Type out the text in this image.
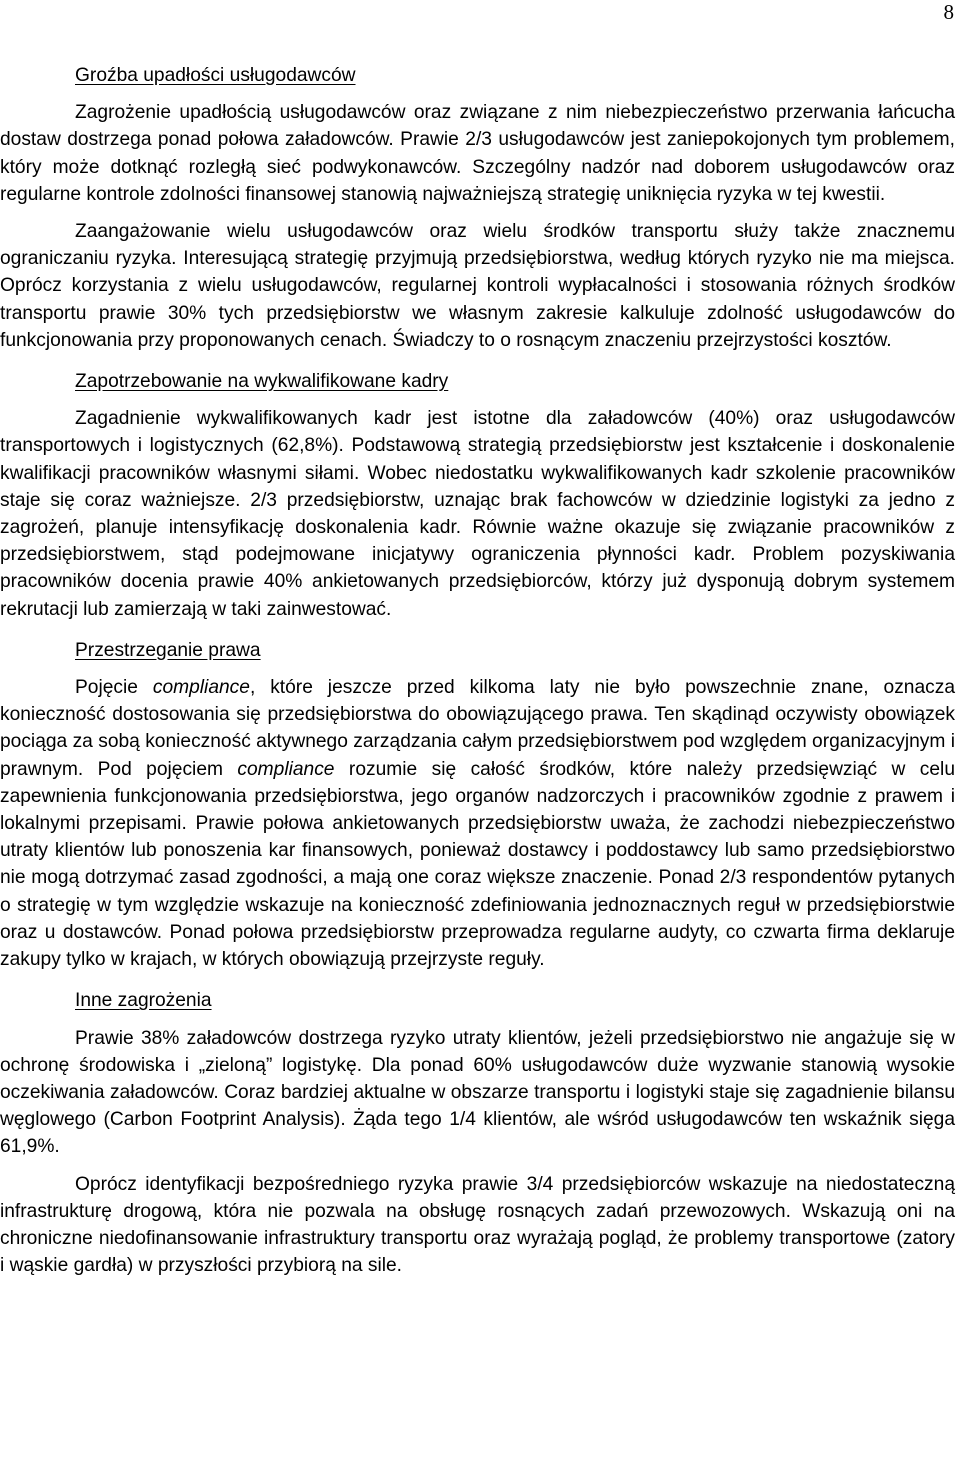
8
Groźba upadłości usługodawców

Zagrożenie upadłością usługodawców oraz związane z nim niebezpieczeństwo przerwania łańcucha dostaw dostrzega ponad połowa załadowców. Prawie 2/3 usługodawców jest zaniepokojonych tym problemem, który może dotknąć rozległą sieć podwykonawców. Szczególny nadzór nad doborem usługodawców oraz regularne kontrole zdolności finansowej stanowią najważniejszą strategię uniknięcia ryzyka w tej kwestii.

Zaangażowanie wielu usługodawców oraz wielu środków transportu służy także znacznemu ograniczaniu ryzyka. Interesującą strategię przyjmują przedsiębiorstwa, według których ryzyko nie ma miejsca. Oprócz korzystania z wielu usługodawców, regularnej kontroli wypłacalności i stosowania różnych środków transportu prawie 30% tych przedsiębiorstw we własnym zakresie kalkuluje zdolność usługodawców do funkcjonowania przy proponowanych cenach. Świadczy to o rosnącym znaczeniu przejrzystości kosztów.

Zapotrzebowanie na wykwalifikowane kadry

Zagadnienie wykwalifikowanych kadr jest istotne dla załadowców (40%) oraz usługodawców transportowych i logistycznych (62,8%). Podstawową strategią przedsiębiorstw jest kształcenie i doskonalenie kwalifikacji pracowników własnymi siłami. Wobec niedostatku wykwalifikowanych kadr szkolenie pracowników staje się coraz ważniejsze. 2/3 przedsiębiorstw, uznając brak fachowców w dziedzinie logistyki za jedno z zagrożeń, planuje intensyfikację doskonalenia kadr. Równie ważne okazuje się związanie pracowników z przedsiębiorstwem, stąd podejmowane inicjatywy ograniczenia płynności kadr. Problem pozyskiwania pracowników docenia prawie 40% ankietowanych przedsiębiorców, którzy już dysponują dobrym systemem rekrutacji lub zamierzają w taki zainwestować.

Przestrzeganie prawa

Pojęcie compliance, które jeszcze przed kilkoma laty nie było powszechnie znane, oznacza konieczność dostosowania się przedsiębiorstwa do obowiązującego prawa. Ten skądinąd oczywisty obowiązek pociąga za sobą konieczność aktywnego zarządzania całym przedsiębiorstwem pod względem organizacyjnym i prawnym. Pod pojęciem compliance rozumie się całość środków, które należy przedsięwziąć w celu zapewnienia funkcjonowania przedsiębiorstwa, jego organów nadzorczych i pracowników zgodnie z prawem i lokalnymi przepisami. Prawie połowa ankietowanych przedsiębiorstw uważa, że zachodzi niebezpieczeństwo utraty klientów lub ponoszenia kar finansowych, ponieważ dostawcy i poddostawcy lub samo przedsiębiorstwo nie mogą dotrzymać zasad zgodności, a mają one coraz większe znaczenie. Ponad 2/3 respondentów pytanych o strategię w tym względzie wskazuje na konieczność zdefiniowania jednoznacznych reguł w przedsiębiorstwie oraz u dostawców. Ponad połowa przedsiębiorstw przeprowadza regularne audyty, co czwarta firma deklaruje zakupy tylko w krajach, w których obowiązują przejrzyste reguły.

Inne zagrożenia

Prawie 38% załadowców dostrzega ryzyko utraty klientów, jeżeli przedsiębiorstwo nie angażuje się w ochronę środowiska i „zieloną” logistykę. Dla ponad 60% usługodawców duże wyzwanie stanowią wysokie oczekiwania załadowców. Coraz bardziej aktualne w obszarze transportu i logistyki staje się zagadnienie bilansu węglowego (Carbon Footprint Analysis). Żąda tego 1/4 klientów, ale wśród usługodawców ten wskaźnik sięga 61,9%.

Oprócz identyfikacji bezpośredniego ryzyka prawie 3/4 przedsiębiorców wskazuje na niedostateczną infrastrukturę drogową, która nie pozwala na obsługę rosnących zadań przewozowych. Wskazują oni na chroniczne niedofinansowanie infrastruktury transportu oraz wyrażają pogląd, że problemy transportowe (zatory i wąskie gardła) w przyszłości przybiorą na sile.
